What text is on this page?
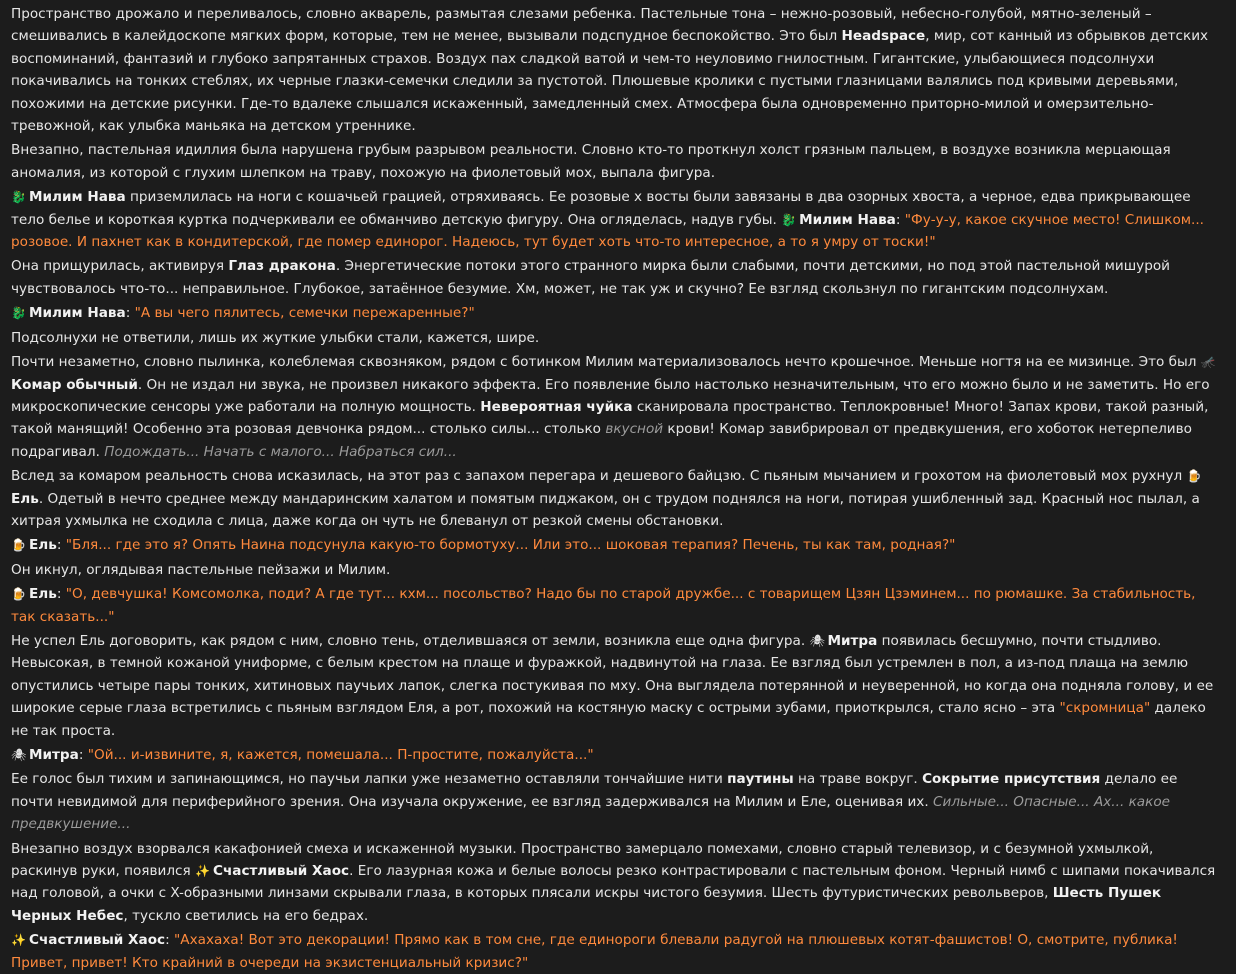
Пространство дрожало и переливалось, словно акварель, размытая слезами ребенка. Пастельные тона – нежно-розовый, небесно-голубой, мятно-зеленый – смешивались в калейдоскопе мягких форм, которые, тем не менее, вызывали подспудное беспокойство. Это был Headspace, мир, сот канный из обрывков детских воспоминаний, фантазий и глубоко запрятанных страхов. Воздух пах сладкой ватой и чем-то неуловимо гнилостным. Гигантские, улыбающиеся подсолнухи покачивались на тонких стеблях, их черные глазки-семечки следили за пустотой. Плюшевые кролики с пустыми глазницами валялись под кривыми деревьями, похожими на детские рисунки. Где-то вдалеке слышался искаженный, замедленный смех. Атмосфера была одновременно приторно-милой и омерзительно-тревожной, как улыбка маньяка на детском утреннике.
Внезапно, пастельная идиллия была нарушена грубым разрывом реальности. Словно кто-то проткнул холст грязным пальцем, в воздухе возникла мерцающая аномалия, из которой с глухим шлепком на траву, похожую на фиолетовый мох, выпала фигура.
🐉 Милим Нава приземлилась на ноги с кошачьей грацией, отряхиваясь. Ее розовые х восты были завязаны в два озорных хвоста, а черное, едва прикрывающее тело белье и короткая куртка подчеркивали ее обманчиво детскую фигуру. Она огляделась, надув губы. 🐉 Милим Нава: "Фу-у-у, какое скучное место! Слишком... розовое. И пахнет как в кондитерской, где помер единорог. Надеюсь, тут будет хоть что-то интересное, а то я умру от тоски!"
Она прищурилась, активируя Глаз дракона. Энергетические потоки этого странного мирка были слабыми, почти детскими, но под этой пастельной мишурой чувствовалось что-то... неправильное. Глубокое, затаённое безумие. Хм, может, не так уж и скучно? Ее взгляд скользнул по гигантским подсолнухам.
🐉 Милим Нава: "А вы чего пялитесь, семечки пережаренные?"
Подсолнухи не ответили, лишь их жуткие улыбки стали, кажется, шире.
Почти незаметно, словно пылинка, колеблемая сквозняком, рядом с ботинком Милим материализовалось нечто крошечное. Меньше ногтя на ее мизинце. Это был 🦟Комар обычный. Он не издал ни звука, не произвел никакого эффекта. Его появление было настолько незначительным, что его можно было и не заметить. Но его микроскопические сенсоры уже работали на полную мощность. Невероятная чуйка сканировала пространство. Теплокровные! Много! Запах крови, такой разный, такой манящий! Особенно эта розовая девчонка рядом... столько силы... столько вкусной крови! Комар завибрировал от предвкушения, его хоботок нетерпеливо подрагивал. Подождать... Начать с малого... Набраться сил...
Вслед за комаром реальность снова исказилась, на этот раз с запахом перегара и дешевого байцзю. С пьяным мычанием и грохотом на фиолетовый мох рухнул 🍺Ель. Одетый в нечто среднее между мандаринским халатом и помятым пиджаком, он с трудом поднялся на ноги, потирая ушибленный зад. Красный нос пылал, а хитрая ухмылка не сходила с лица, даже когда он чуть не блеванул от резкой смены обстановки.
🍺 Ель: "Бля... где это я? Опять Наина подсунула какую-то бормотуху... Или это... шоковая терапия? Печень, ты как там, родная?"
Он икнул, оглядывая пастельные пейзажи и Милим.
🍺 Ель: "О, девчушка! Комсомолка, поди? А где тут... кхм... посольство? Надо бы по старой дружбе... с товарищем Цзян Цзэминем... по рюмашке. За стабильность, так сказать..."
Не успел Ель договорить, как рядом с ним, словно тень, отделившаяся от земли, возникла еще одна фигура. 🕷 Митра появилась бесшумно, почти стыдливо. Невысокая, в темной кожаной униформе, с белым крестом на плаще и фуражкой, надвинутой на глаза. Ее взгляд был устремлен в пол, а из-под плаща на землю опустились четыре пары тонких, хитиновых паучьих лапок, слегка постукивая по мху. Она выглядела потерянной и неуверенной, но когда она подняла голову, и ее широкие серые глаза встретились с пьяным взглядом Еля, а рот, похожий на костяную маску с острыми зубами, приоткрылся, стало ясно – эта "скромница" далеко не так проста.
🕷 Митра: "Ой... и-извините, я, кажется, помешала... П-простите, пожалуйста..."
Ее голос был тихим и запинающимся, но паучьи лапки уже незаметно оставляли тончайшие нити паутины на траве вокруг. Сокрытие присутствия делало ее почти невидимой для периферийного зрения. Она изучала окружение, ее взгляд задерживался на Милим и Еле, оценивая их. Сильные... Опасные... Ах... какое предвкушение...
Внезапно воздух взорвался какафонией смеха и искаженной музыки. Пространство замерцало помехами, словно старый телевизор, и с безумной ухмылкой, раскинув руки, появился ✨ Счастливый Хаос. Его лазурная кожа и белые волосы резко контрастировали с пастельным фоном. Черный нимб с шипами покачивался над головой, а очки с X-образными линзами скрывали глаза, в которых плясали искры чистого безумия. Шесть футуристических револьверов, Шесть Пушек Черных Небес, тускло светились на его бедрах.
✨ Счастливый Хаос: "Ахахаха! Вот это декорации! Прямо как в том сне, где единороги блевали радугой на плюшевых котят-фашистов! О, смотрите, публика! Привет, привет! Кто крайний в очереди на экзистенциальный кризис?"
